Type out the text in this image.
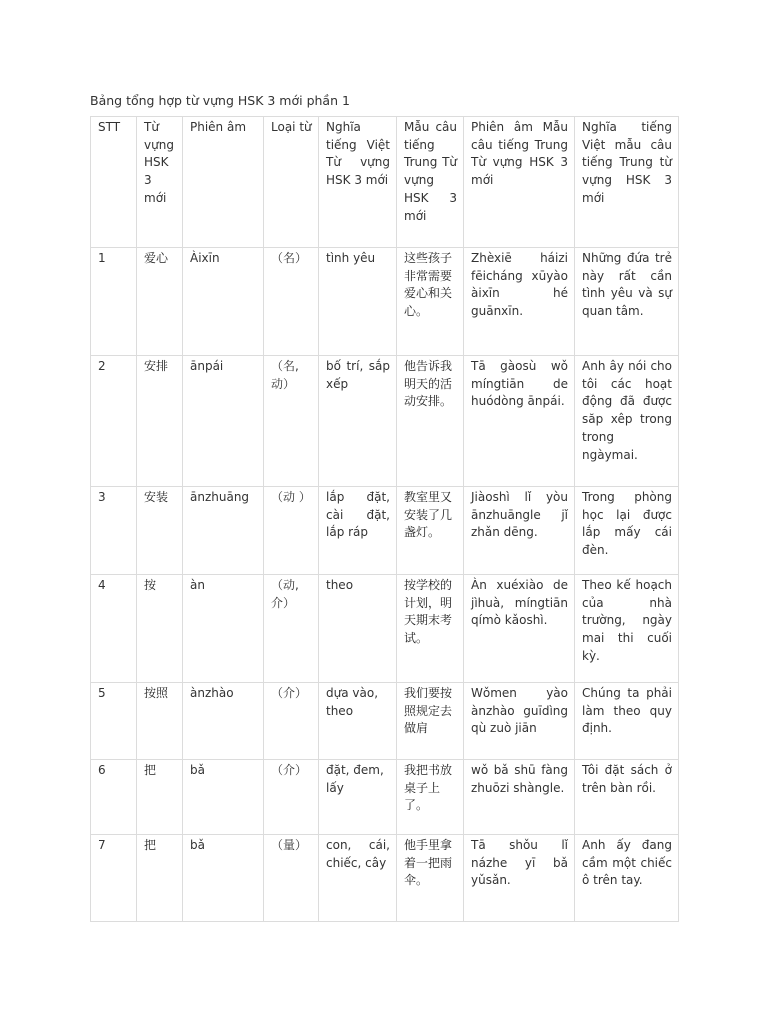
Bảng tổng hợp từ vựng HSK 3 mới phần 1

STT	Từ vựng HSK 3 mới	Phiên âm	Loại từ	Nghĩa tiếng Việt Từ vựng HSK 3 mới	Mẫu câu tiếng Trung Từ vựng HSK 3 mới	Phiên âm Mẫu câu tiếng Trung Từ vựng HSK 3 mới	Nghĩa tiếng Việt mẫu câu tiếng Trung từ vựng HSK 3 mới
1	爱心	Àixīn	（名）	tình yêu	这些孩子非常需要爱心和关心。	Zhèxiē háizi fēicháng xūyào àixīn hé guānxīn.	Những đứa trẻ này rất cần tình yêu và sự quan tâm.
2	安排	ānpái	（名,动）	bố trí, sắp xếp	他告诉我明天的活动安排。	Tā gàosù wǒ míngtiān de huódòng ānpái.	Anh ây nói cho tôi các hoạt động đã được săp xêp trong trong ngàymai.
3	安装	ānzhuāng	（动 ）	lắp đặt, cài đặt, lắp ráp	教室里又安装了几盏灯。	Jiàoshì lǐ yòu ānzhuāngle jǐ zhǎn dēng.	Trong phòng học lại được lắp mấy cái đèn.
4	按	àn	（动,介）	theo	按学校的计划，明天期末考试。	Àn xuéxiào de jìhuà, míngtiān qímò kǎoshì.	Theo kế hoạch của nhà trường, ngày mai thi cuối kỳ.
5	按照	ànzhào	（介）	dựa vào, theo	我们要按照规定去做肩	Wǒmen yào ànzhào guīdìng qù zuò jiān	Chúng ta phải làm theo quy định.
6	把	bǎ	（介）	đặt, đem, lấy	我把书放桌子上了。	wǒ bǎ shū fàng zhuōzi shàngle.	Tôi đặt sách ở trên bàn rồi.
7	把	bǎ	（量）	con, cái, chiếc, cây	他手里拿着一把雨伞。	Tā shǒu lǐ názhe yī bǎ yǔsǎn.	Anh ấy đang cầm một chiếc ô trên tay.
